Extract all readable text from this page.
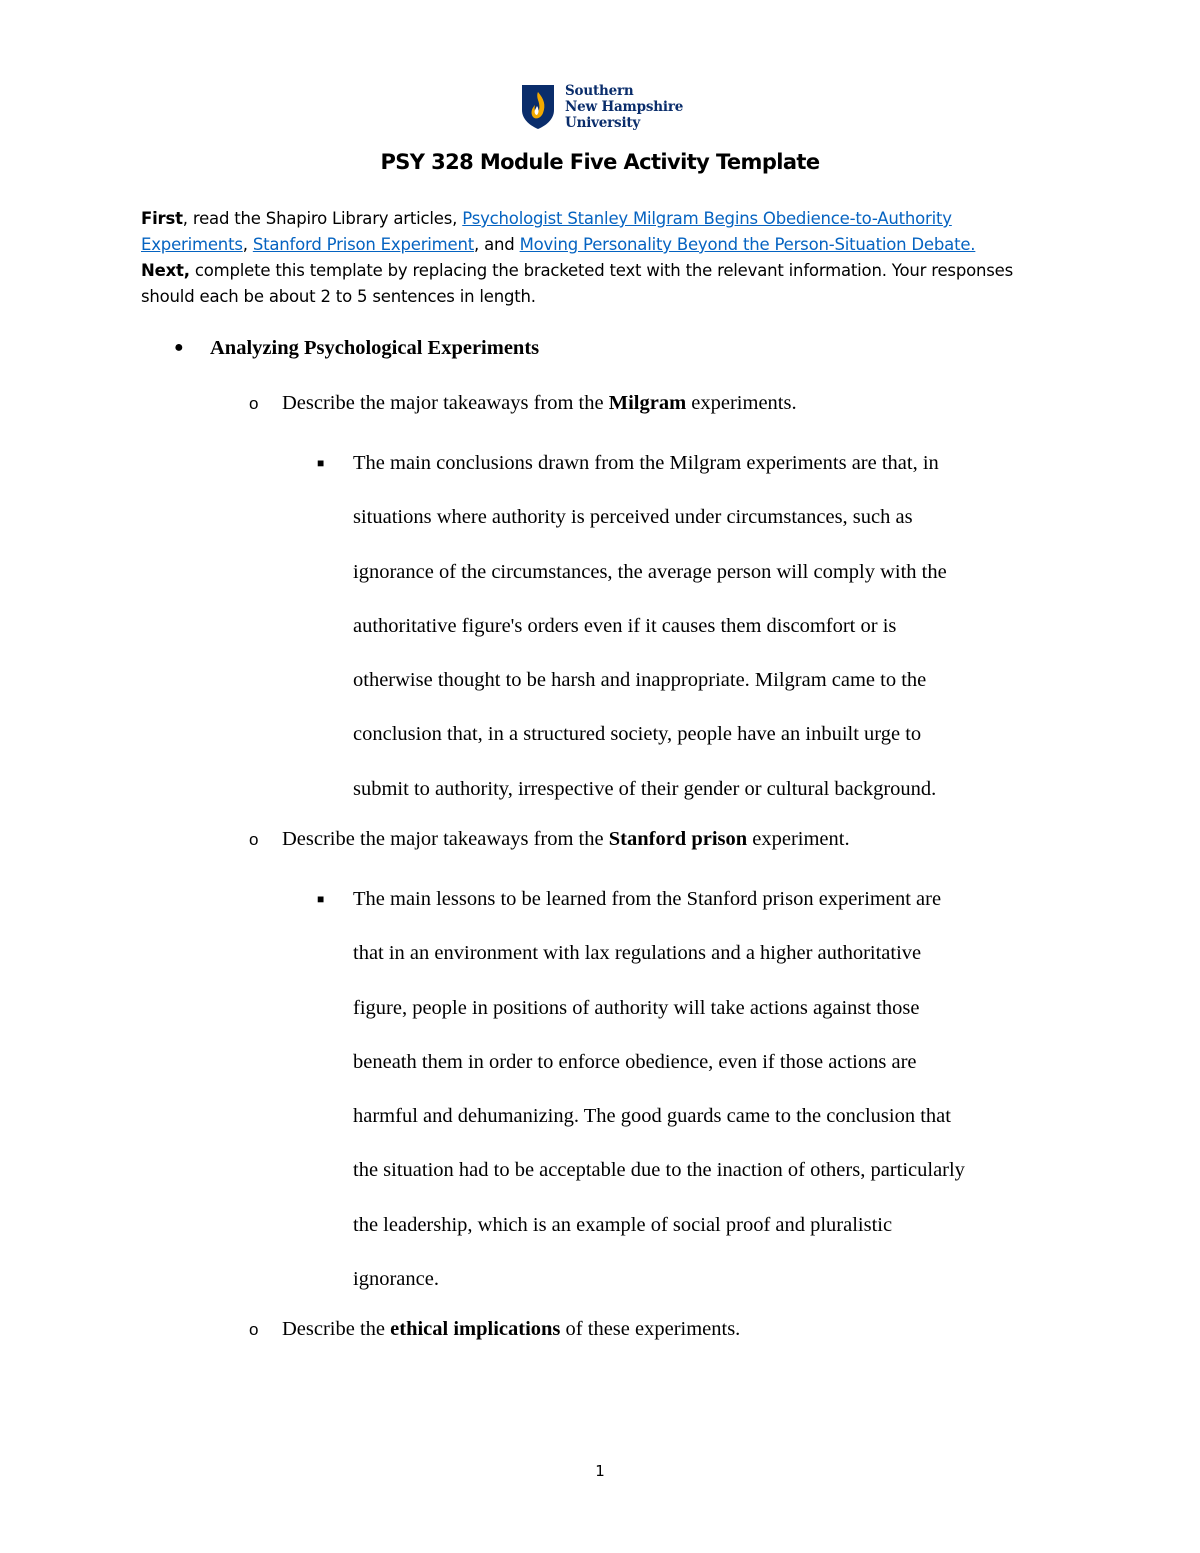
Southern
New Hampshire
University
PSY 328 Module Five Activity Template
First, read the Shapiro Library articles, Psychologist Stanley Milgram Begins Obedience-to-Authority Experiments, Stanford Prison Experiment, and Moving Personality Beyond the Person-Situation Debate.
Next, complete this template by replacing the bracketed text with the relevant information. Your responses should each be about 2 to 5 sentences in length.
● Analyzing Psychological Experiments
o Describe the major takeaways from the Milgram experiments.
■ The main conclusions drawn from the Milgram experiments are that, in
situations where authority is perceived under circumstances, such as
ignorance of the circumstances, the average person will comply with the
authoritative figure's orders even if it causes them discomfort or is
otherwise thought to be harsh and inappropriate. Milgram came to the
conclusion that, in a structured society, people have an inbuilt urge to
submit to authority, irrespective of their gender or cultural background.
o Describe the major takeaways from the Stanford prison experiment.
■ The main lessons to be learned from the Stanford prison experiment are
that in an environment with lax regulations and a higher authoritative
figure, people in positions of authority will take actions against those
beneath them in order to enforce obedience, even if those actions are
harmful and dehumanizing. The good guards came to the conclusion that
the situation had to be acceptable due to the inaction of others, particularly
the leadership, which is an example of social proof and pluralistic
ignorance.
o Describe the ethical implications of these experiments.
1
